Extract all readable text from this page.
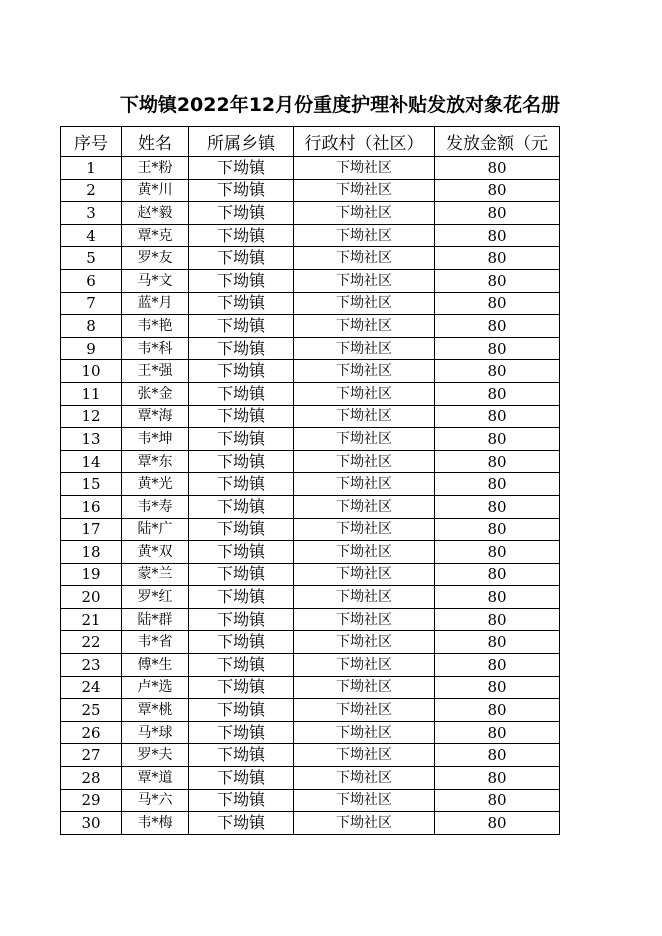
下坳镇2022年12月份重度护理补贴发放对象花名册
序号	姓名	所属乡镇	行政村（社区）	发放金额（元
1	王*粉	下坳镇	下坳社区	80
2	黄*川	下坳镇	下坳社区	80
3	赵*毅	下坳镇	下坳社区	80
4	覃*克	下坳镇	下坳社区	80
5	罗*友	下坳镇	下坳社区	80
6	马*文	下坳镇	下坳社区	80
7	蓝*月	下坳镇	下坳社区	80
8	韦*艳	下坳镇	下坳社区	80
9	韦*科	下坳镇	下坳社区	80
10	王*强	下坳镇	下坳社区	80
11	张*金	下坳镇	下坳社区	80
12	覃*海	下坳镇	下坳社区	80
13	韦*坤	下坳镇	下坳社区	80
14	覃*东	下坳镇	下坳社区	80
15	黄*光	下坳镇	下坳社区	80
16	韦*寿	下坳镇	下坳社区	80
17	陆*广	下坳镇	下坳社区	80
18	黄*双	下坳镇	下坳社区	80
19	蒙*兰	下坳镇	下坳社区	80
20	罗*红	下坳镇	下坳社区	80
21	陆*群	下坳镇	下坳社区	80
22	韦*省	下坳镇	下坳社区	80
23	傅*生	下坳镇	下坳社区	80
24	卢*选	下坳镇	下坳社区	80
25	覃*桃	下坳镇	下坳社区	80
26	马*球	下坳镇	下坳社区	80
27	罗*夫	下坳镇	下坳社区	80
28	覃*道	下坳镇	下坳社区	80
29	马*六	下坳镇	下坳社区	80
30	韦*梅	下坳镇	下坳社区	80
